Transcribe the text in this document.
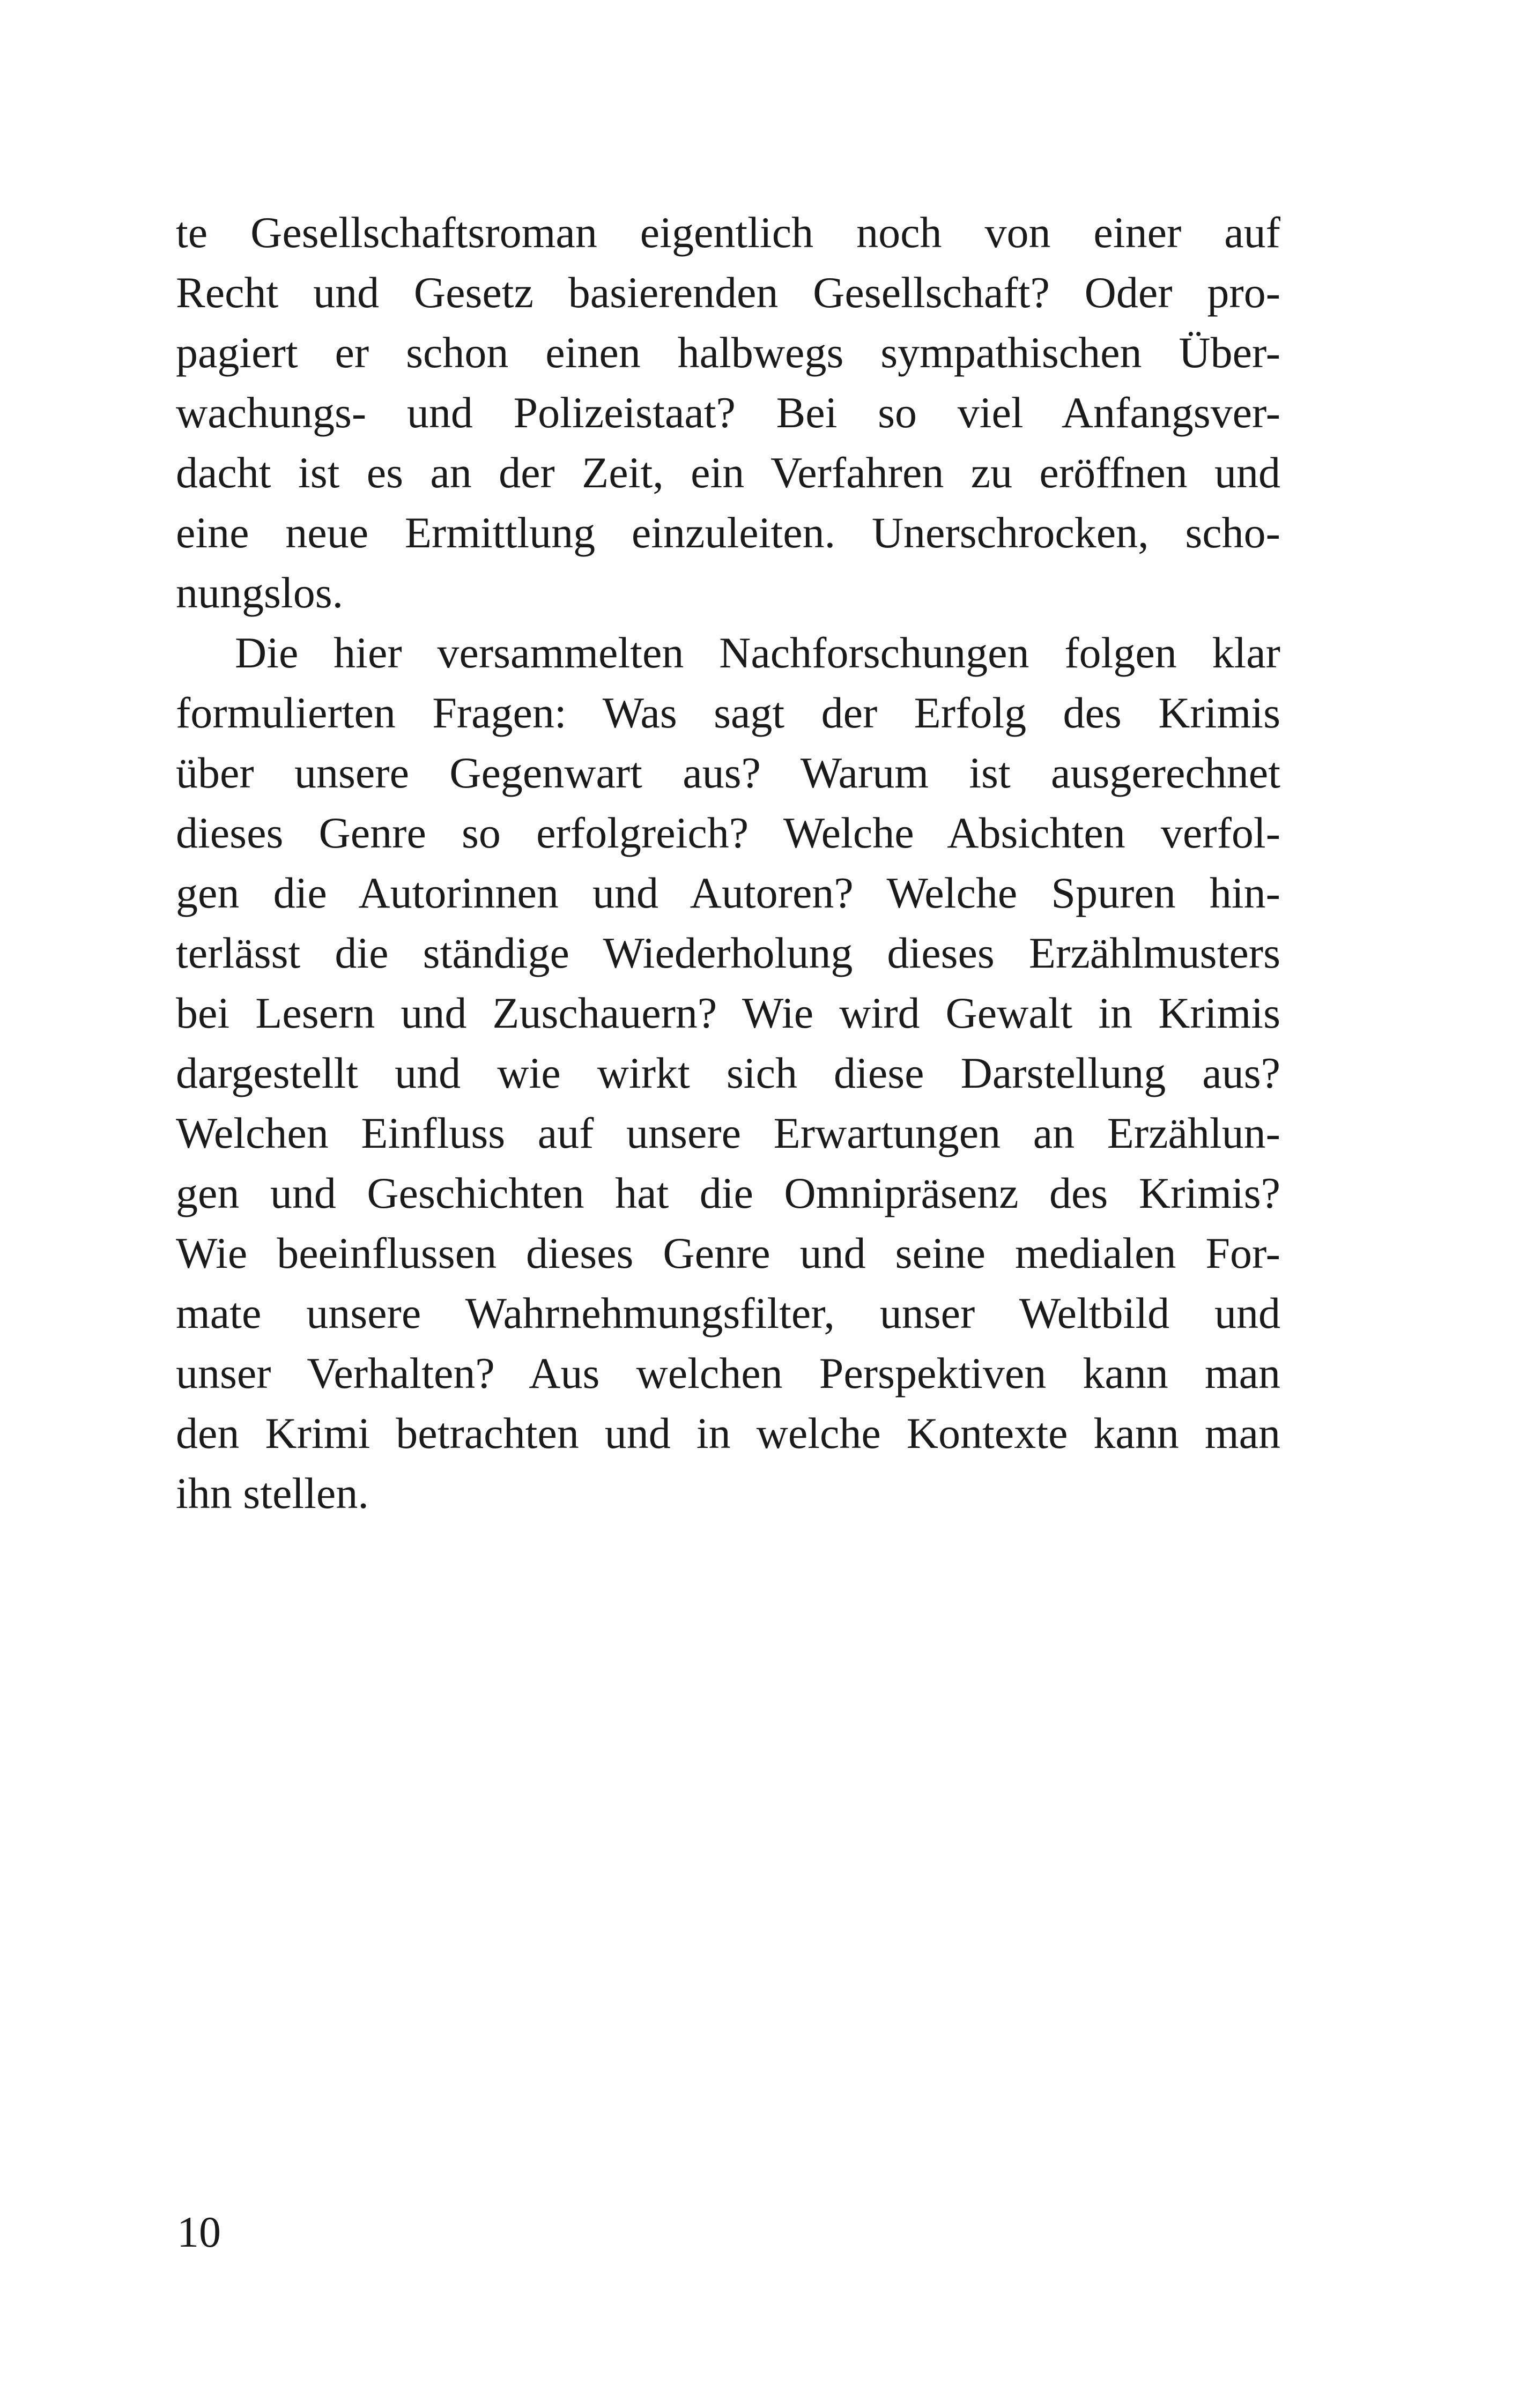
te Gesellschaftsroman eigentlich noch von einer auf
Recht und Gesetz basierenden Gesellschaft? Oder pro-
pagiert er schon einen halbwegs sympathischen Über-
wachungs- und Polizeistaat? Bei so viel Anfangsver-
dacht ist es an der Zeit, ein Verfahren zu eröffnen und
eine neue Ermittlung einzuleiten. Unerschrocken, scho-
nungslos.
Die hier versammelten Nachforschungen folgen klar
formulierten Fragen: Was sagt der Erfolg des Krimis
über unsere Gegenwart aus? Warum ist ausgerechnet
dieses Genre so erfolgreich? Welche Absichten verfol-
gen die Autorinnen und Autoren? Welche Spuren hin-
terlässt die ständige Wiederholung dieses Erzählmusters
bei Lesern und Zuschauern? Wie wird Gewalt in Krimis
dargestellt und wie wirkt sich diese Darstellung aus?
Welchen Einfluss auf unsere Erwartungen an Erzählun-
gen und Geschichten hat die Omnipräsenz des Krimis?
Wie beeinflussen dieses Genre und seine medialen For-
mate unsere Wahrnehmungsfilter, unser Weltbild und
unser Verhalten? Aus welchen Perspektiven kann man
den Krimi betrachten und in welche Kontexte kann man
ihn stellen.
10
